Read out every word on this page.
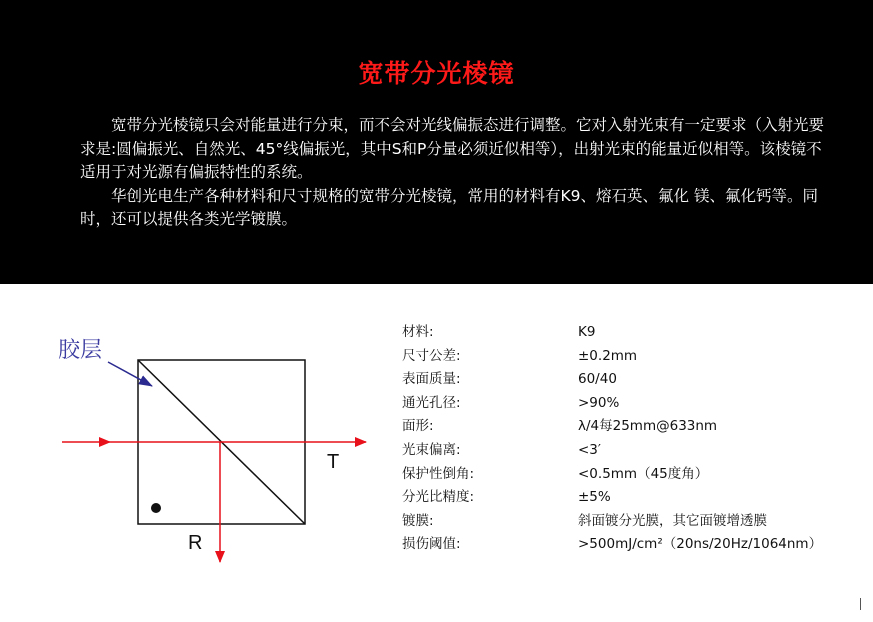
宽带分光棱镜

宽带分光棱镜只会对能量进行分束，而不会对光线偏振态进行调整。它对入射光束有一定要求（入射光要求是:圆偏振光、自然光、45°线偏振光，其中S和P分量必须近似相等），出射光束的能量近似相等。该棱镜不适用于对光源有偏振特性的系统。

华创光电生产各种材料和尺寸规格的宽带分光棱镜，常用的材料有K9、熔石英、氟化 镁、氟化钙等。同时，还可以提供各类光学镀膜。

胶层
T
R
材料:	K9
尺寸公差:	±0.2mm
表面质量:	60/40
通光孔径:	>90%
面形:	λ/4每25mm@633nm
光束偏离:	<3′
保护性倒角:	<0.5mm（45度角）
分光比精度:	±5%
镀膜:	斜面镀分光膜，其它面镀增透膜
损伤阈值:	>500mJ/cm²（20ns/20Hz/1064nm）
